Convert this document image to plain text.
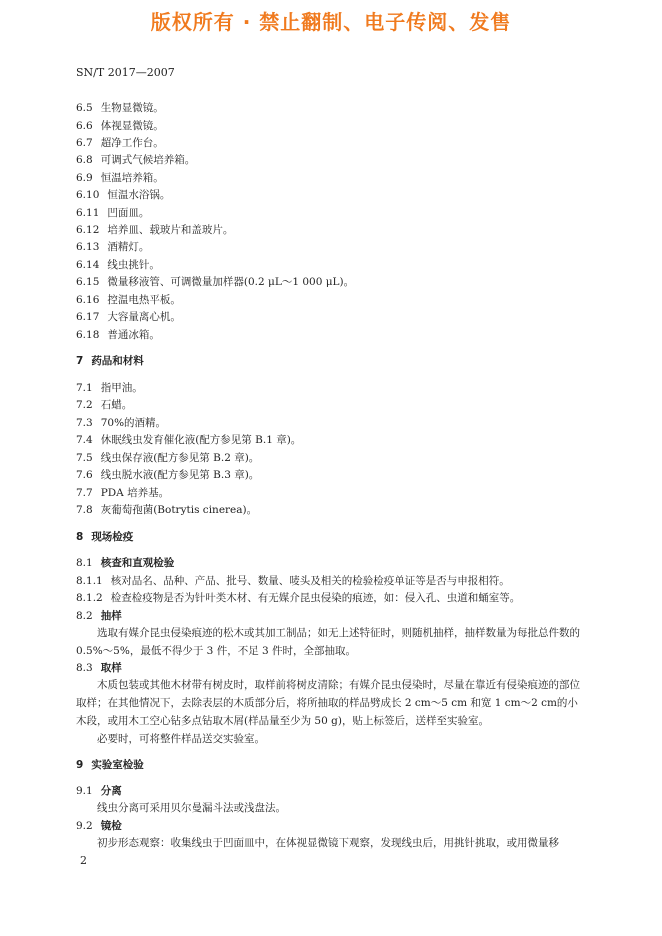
版权所有 · 禁止翻制、电子传阅、发售
SN/T 2017—2007
6.5 生物显微镜。
6.6 体视显微镜。
6.7 超净工作台。
6.8 可调式气候培养箱。
6.9 恒温培养箱。
6.10 恒温水浴锅。
6.11 凹面皿。
6.12 培养皿、载玻片和盖玻片。
6.13 酒精灯。
6.14 线虫挑针。
6.15 微量移液管、可调微量加样器(0.2 μL～1 000 μL)。
6.16 控温电热平板。
6.17 大容量离心机。
6.18 普通冰箱。
7 药品和材料
7.1 指甲油。
7.2 石蜡。
7.3 70%的酒精。
7.4 休眠线虫发育催化液(配方参见第 B.1 章)。
7.5 线虫保存液(配方参见第 B.2 章)。
7.6 线虫脱水液(配方参见第 B.3 章)。
7.7 PDA 培养基。
7.8 灰葡萄孢菌(Botrytis cinerea)。
8 现场检疫
8.1 核查和直观检验
8.1.1 核对品名、品种、产品、批号、数量、唛头及相关的检验检疫单证等是否与申报相符。
8.1.2 检查检疫物是否为针叶类木材、有无媒介昆虫侵染的痕迹，如：侵入孔、虫道和蛹室等。
8.2 抽样
选取有媒介昆虫侵染痕迹的松木或其加工制品；如无上述特征时，则随机抽样，抽样数量为每批总件数的 0.5%～5%，最低不得少于 3 件，不足 3 件时，全部抽取。
8.3 取样
木质包装或其他木材带有树皮时，取样前将树皮清除；有媒介昆虫侵染时，尽量在靠近有侵染痕迹的部位取样；在其他情况下，去除表层的木质部分后，将所抽取的样品劈成长 2 cm～5 cm 和宽 1 cm～2 cm的小木段，或用木工空心钻多点钻取木屑(样品量至少为 50 g)，贴上标签后，送样至实验室。
必要时，可将整件样品送交实验室。
9 实验室检验
9.1 分离
线虫分离可采用贝尔曼漏斗法或浅盘法。
9.2 镜检
初步形态观察：收集线虫于凹面皿中，在体视显微镜下观察，发现线虫后，用挑针挑取，或用微量移
2
